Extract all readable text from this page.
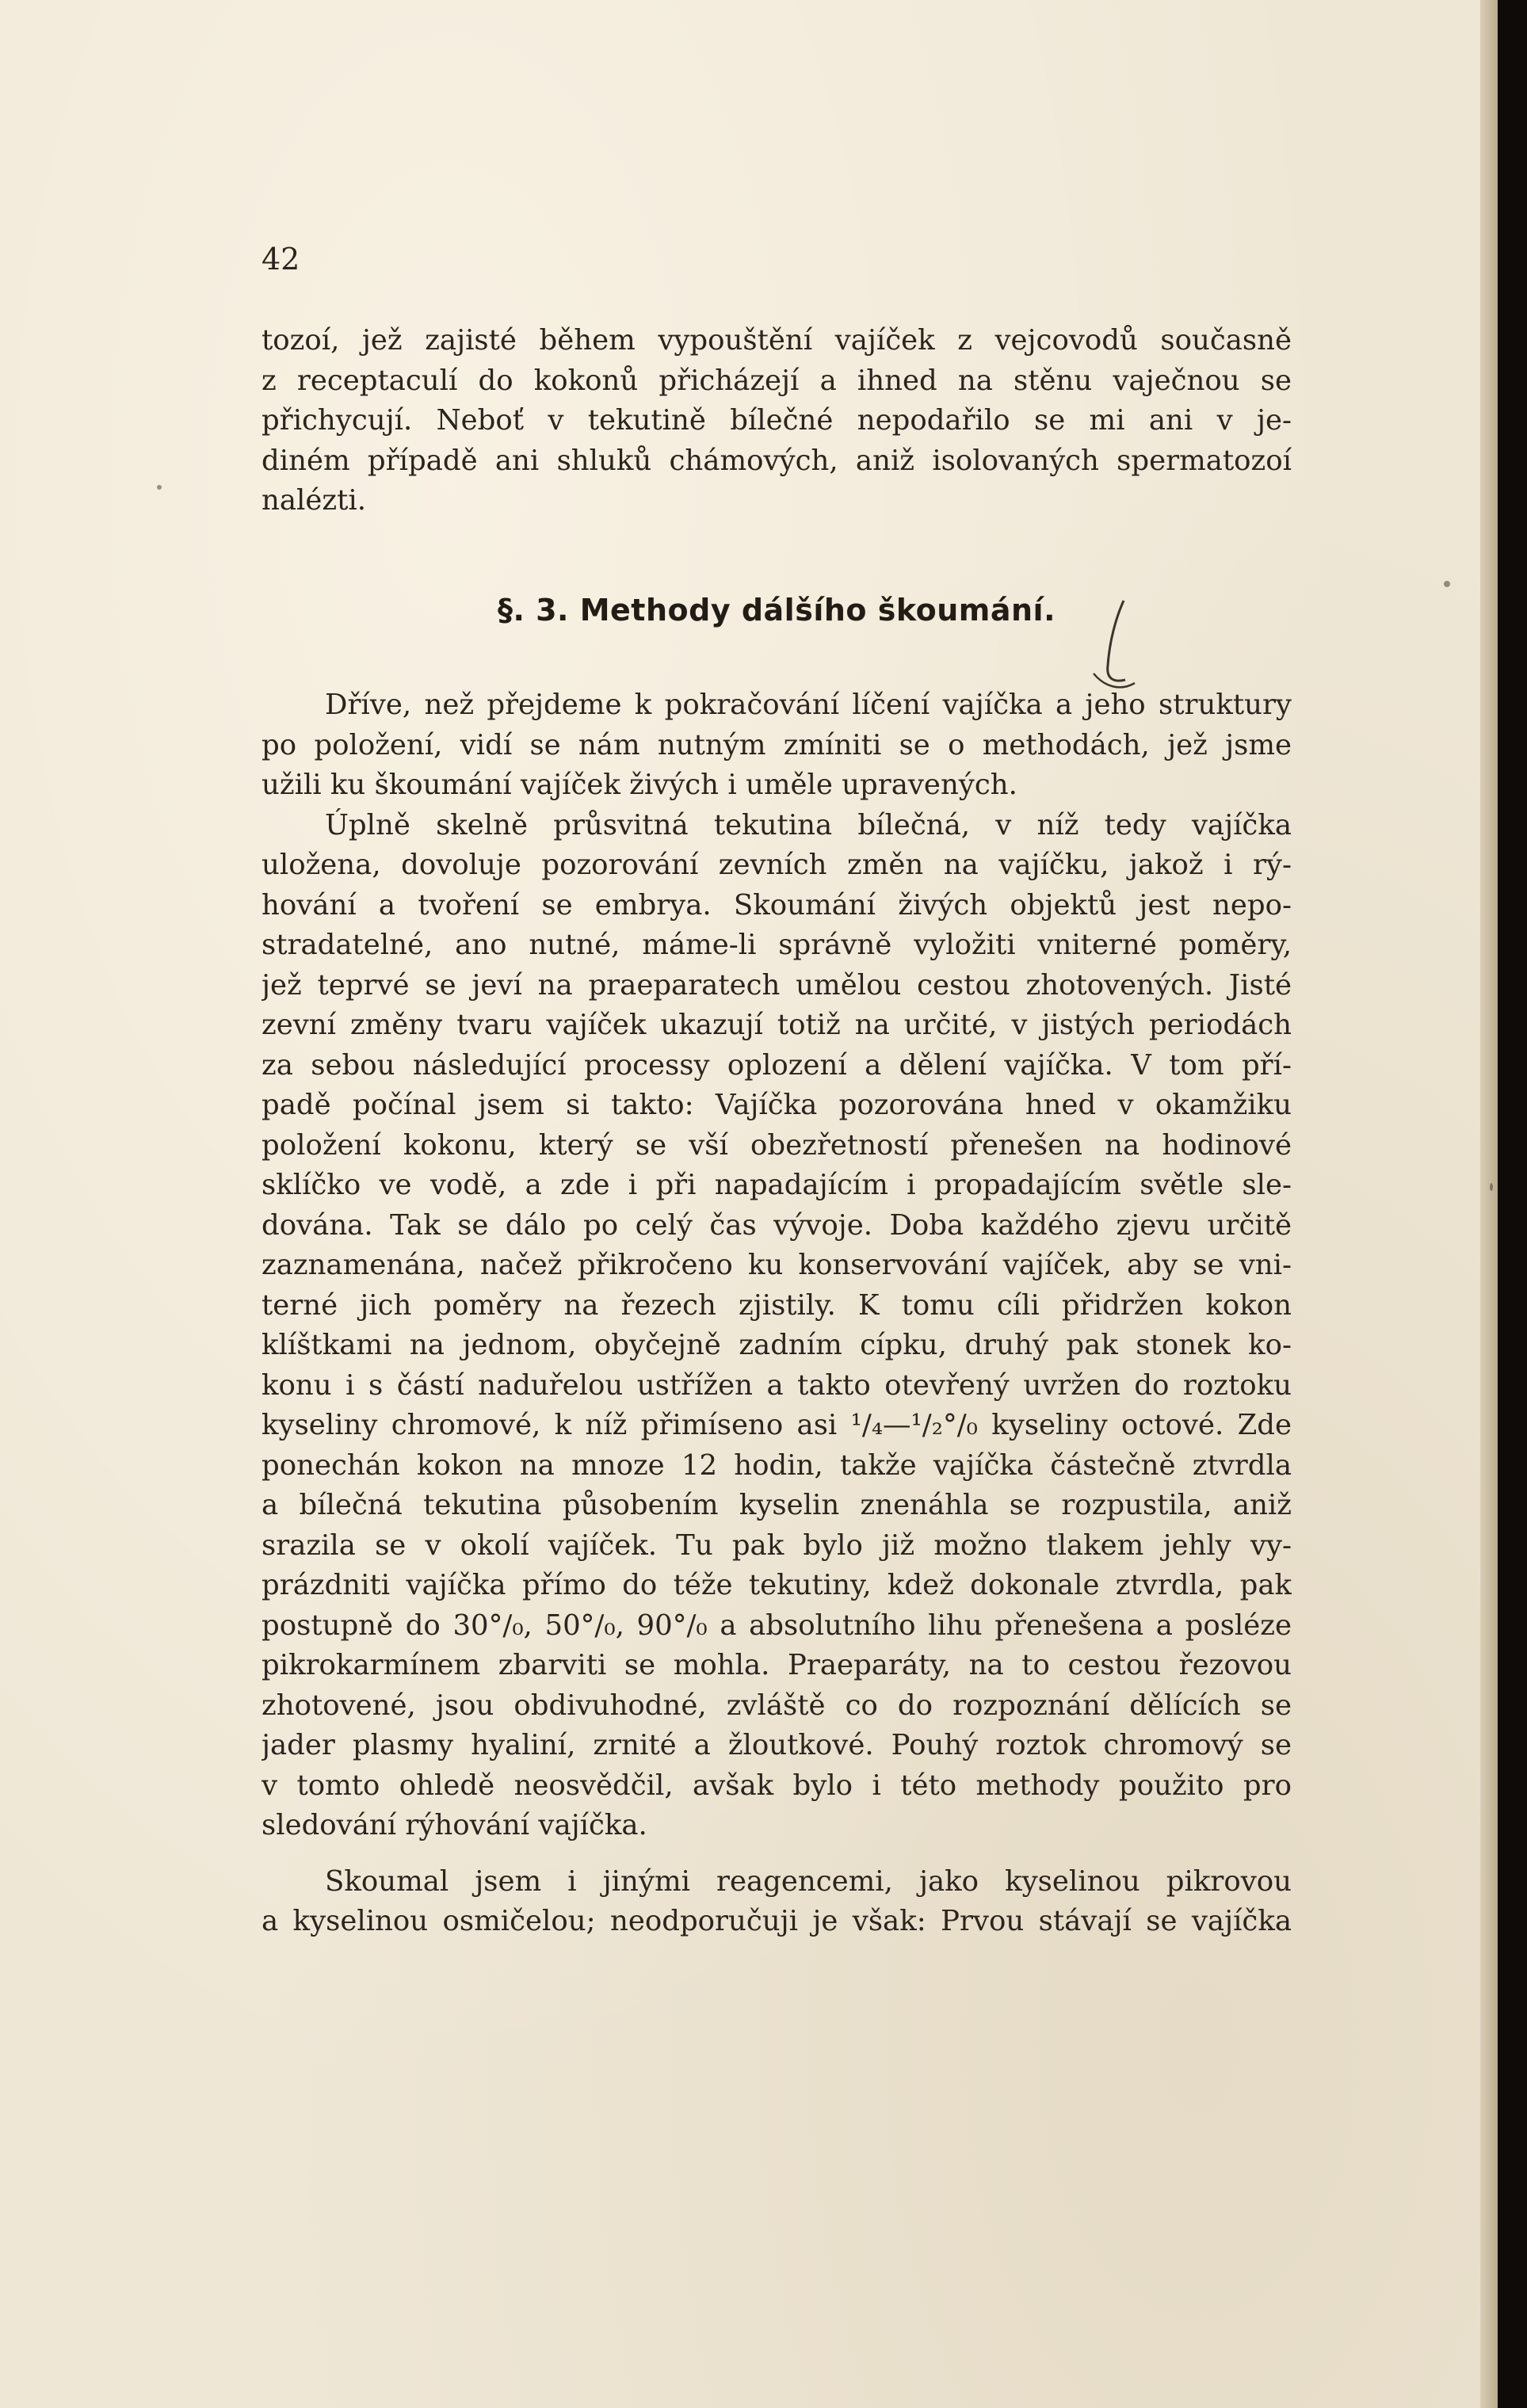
42
tozoí, jež zajisté během vypouštění vajíček z vejcovodů současně
z receptaculí do kokonů přicházejí a ihned na stěnu vaječnou se
přichycují. Neboť v tekutině bílečné nepodařilo se mi ani v je-
diném případě ani shluků chámových, aniž isolovaných spermatozoí
nalézti.
§. 3. Methody dálšího škoumání.
Dříve, než přejdeme k pokračování líčení vajíčka a jeho struktury
po položení, vidí se nám nutným zmíniti se o methodách, jež jsme
užili ku škoumání vajíček živých i uměle upravených.
Úplně skelně průsvitná tekutina bílečná, v níž tedy vajíčka
uložena, dovoluje pozorování zevních změn na vajíčku, jakož i rý-
hování a tvoření se embrya. Skoumání živých objektů jest nepo-
stradatelné, ano nutné, máme-li správně vyložiti vniterné poměry,
jež teprvé se jeví na praeparatech umělou cestou zhotovených. Jisté
zevní změny tvaru vajíček ukazují totiž na určité, v jistých periodách
za sebou následující processy oplození a dělení vajíčka. V tom pří-
padě počínal jsem si takto: Vajíčka pozorována hned v okamžiku
položení kokonu, který se vší obezřetností přenešen na hodinové
sklíčko ve vodě, a zde i při napadajícím i propadajícím světle sle-
dována. Tak se dálo po celý čas vývoje. Doba každého zjevu určitě
zaznamenána, načež přikročeno ku konservování vajíček, aby se vni-
terné jich poměry na řezech zjistily. K tomu cíli přidržen kokon
klíštkami na jednom, obyčejně zadním cípku, druhý pak stonek ko-
konu i s částí naduřelou ustřížen a takto otevřený uvržen do roztoku
kyseliny chromové, k níž přimíseno asi ¹/₄—¹/₂°/₀ kyseliny octové. Zde
ponechán kokon na mnoze 12 hodin, takže vajíčka částečně ztvrdla
a bílečná tekutina působením kyselin znenáhla se rozpustila, aniž
srazila se v okolí vajíček. Tu pak bylo již možno tlakem jehly vy-
prázdniti vajíčka přímo do téže tekutiny, kdež dokonale ztvrdla, pak
postupně do 30°/₀, 50°/₀, 90°/₀ a absolutního lihu přenešena a posléze
pikrokarmínem zbarviti se mohla. Praeparáty, na to cestou řezovou
zhotovené, jsou obdivuhodné, zvláště co do rozpoznání dělících se
jader plasmy hyaliní, zrnité a žloutkové. Pouhý roztok chromový se
v tomto ohledě neosvědčil, avšak bylo i této methody použito pro
sledování rýhování vajíčka.
Skoumal jsem i jinými reagencemi, jako kyselinou pikrovou
a kyselinou osmičelou; neodporučuji je však: Prvou stávají se vajíčka
